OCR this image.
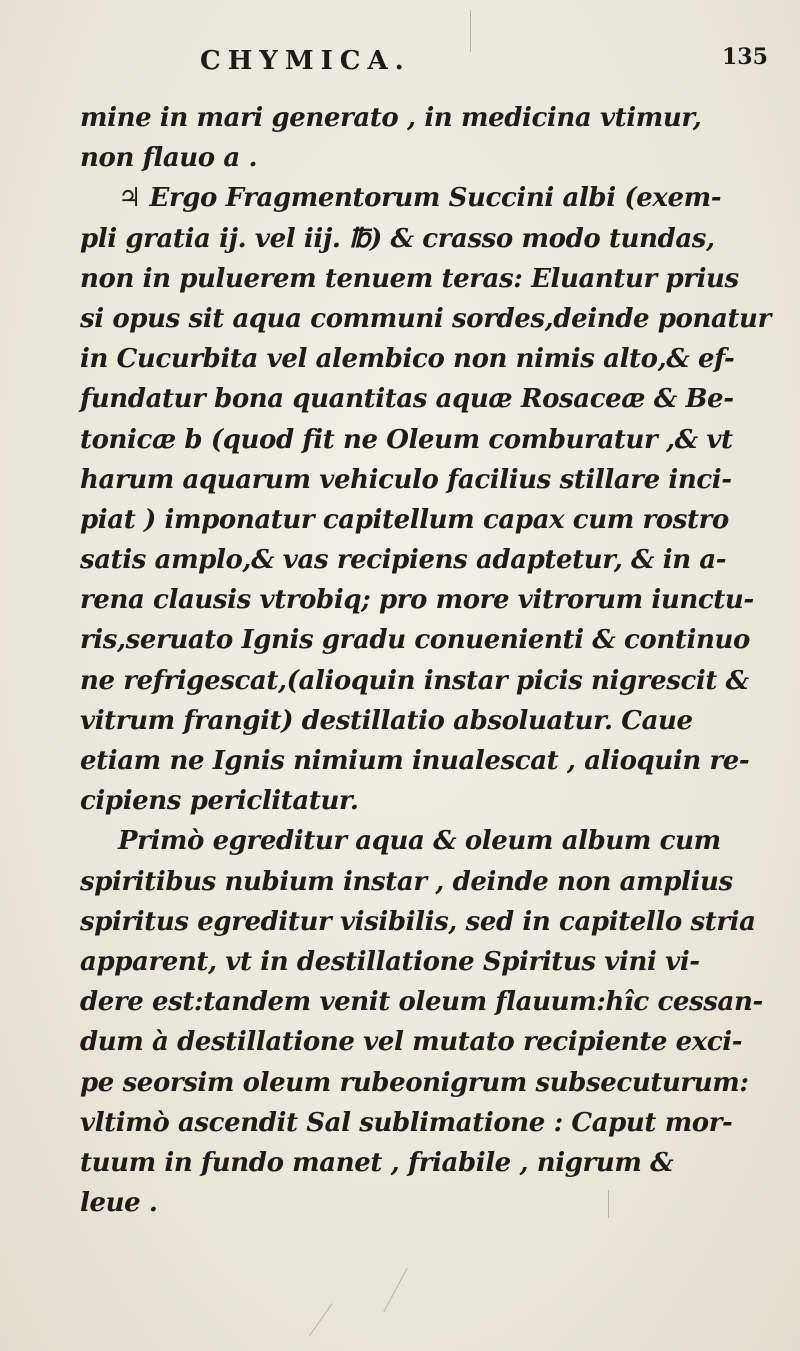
CHYMICA.	135
mine in mari generato , in medicina vtimur,
non flauo a .
♃ Ergo Fragmentorum Succini albi (exem-
pli gratia ij. vel iij. ℔) & crasso modo tundas,
non in puluerem tenuem teras: Eluantur prius
si opus sit aqua communi sordes,deinde ponatur
in Cucurbita vel alembico non nimis alto,& ef-
fundatur bona quantitas aquæ Rosaceæ & Be-
tonicæ b (quod fit ne Oleum comburatur ,& vt
harum aquarum vehiculo facilius stillare inci-
piat ) imponatur capitellum capax cum rostro
satis amplo,& vas recipiens adaptetur, & in a-
rena clausis vtrobiq; pro more vitrorum iunctu-
ris,seruato Ignis gradu conuenienti & continuo
ne refrigescat,(alioquin instar picis nigrescit &
vitrum frangit) destillatio absoluatur. Caue
etiam ne Ignis nimium inualescat , alioquin re-
cipiens periclitatur.
Primò egreditur aqua & oleum album cum
spiritibus nubium instar , deinde non amplius
spiritus egreditur visibilis, sed in capitello stria
apparent, vt in destillatione Spiritus vini vi-
dere est:tandem venit oleum flauum:hîc cessan-
dum à destillatione vel mutato recipiente exci-
pe seorsim oleum rubeonigrum subsecuturum:
vltimò ascendit Sal sublimatione : Caput mor-
tuum in fundo manet , friabile , nigrum &
leue .
